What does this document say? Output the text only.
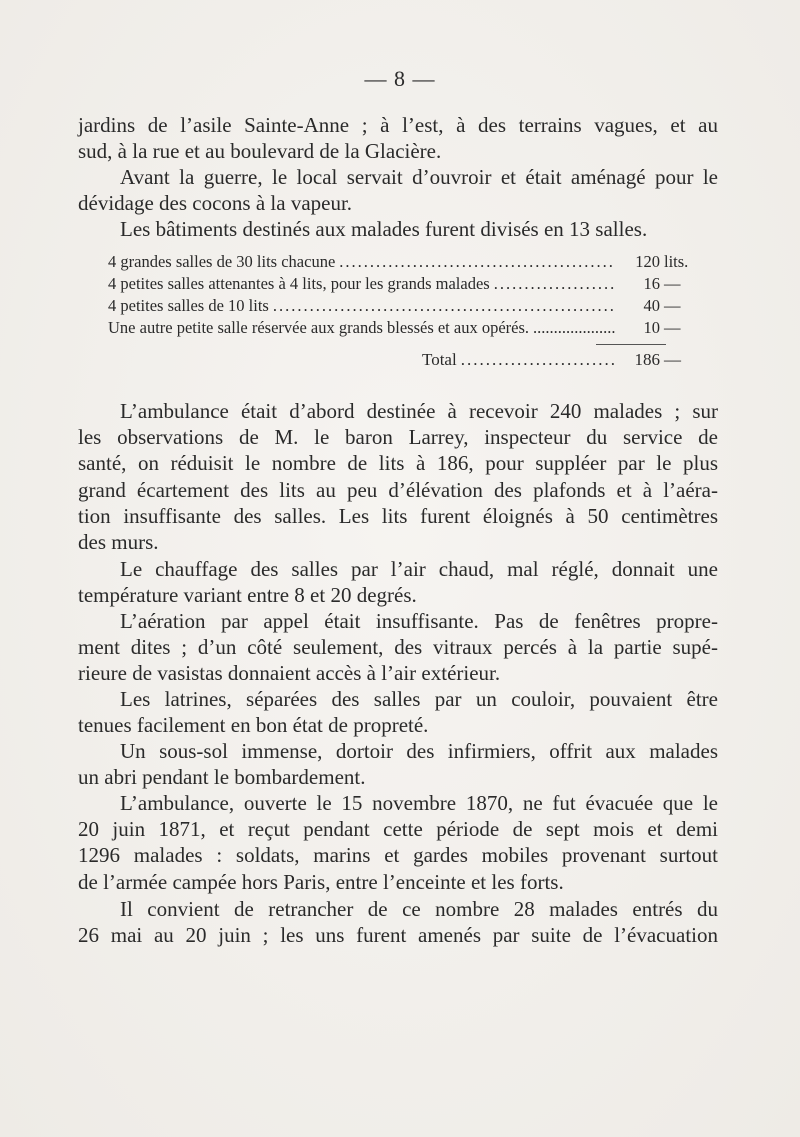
— 8 —

jardins de l’asile Sainte-Anne ; à l’est, à des terrains vagues, et au
sud, à la rue et au boulevard de la Glacière.

Avant la guerre, le local servait d’ouvroir et était aménagé pour le
dévidage des cocons à la vapeur.

Les bâtiments destinés aux malades furent divisés en 13 salles.

4 grandes salles de 30 lits chacune .....	120 lits.
4 petites salles attenantes à 4 lits, pour les grands malades .....	16 —
4 petites salles de 10 lits .....	40 —
Une autre petite salle réservée aux grands blessés et aux opérés. .....	10 —
Total .....	186 —

L’ambulance était d’abord destinée à recevoir 240 malades ; sur
les observations de M. le baron Larrey, inspecteur du service de
santé, on réduisit le nombre de lits à 186, pour suppléer par le plus
grand écartement des lits au peu d’élévation des plafonds et à l’aéra-
tion insuffisante des salles. Les lits furent éloignés à 50 centimètres
des murs.

Le chauffage des salles par l’air chaud, mal réglé, donnait une
température variant entre 8 et 20 degrés.

L’aération par appel était insuffisante. Pas de fenêtres propre-
ment dites ; d’un côté seulement, des vitraux percés à la partie supé-
rieure de vasistas donnaient accès à l’air extérieur.

Les latrines, séparées des salles par un couloir, pouvaient être
tenues facilement en bon état de propreté.

Un sous-sol immense, dortoir des infirmiers, offrit aux malades
un abri pendant le bombardement.

L’ambulance, ouverte le 15 novembre 1870, ne fut évacuée que le
20 juin 1871, et reçut pendant cette période de sept mois et demi
1296 malades : soldats, marins et gardes mobiles provenant surtout
de l’armée campée hors Paris, entre l’enceinte et les forts.

Il convient de retrancher de ce nombre 28 malades entrés du
26 mai au 20 juin ; les uns furent amenés par suite de l’évacuation
